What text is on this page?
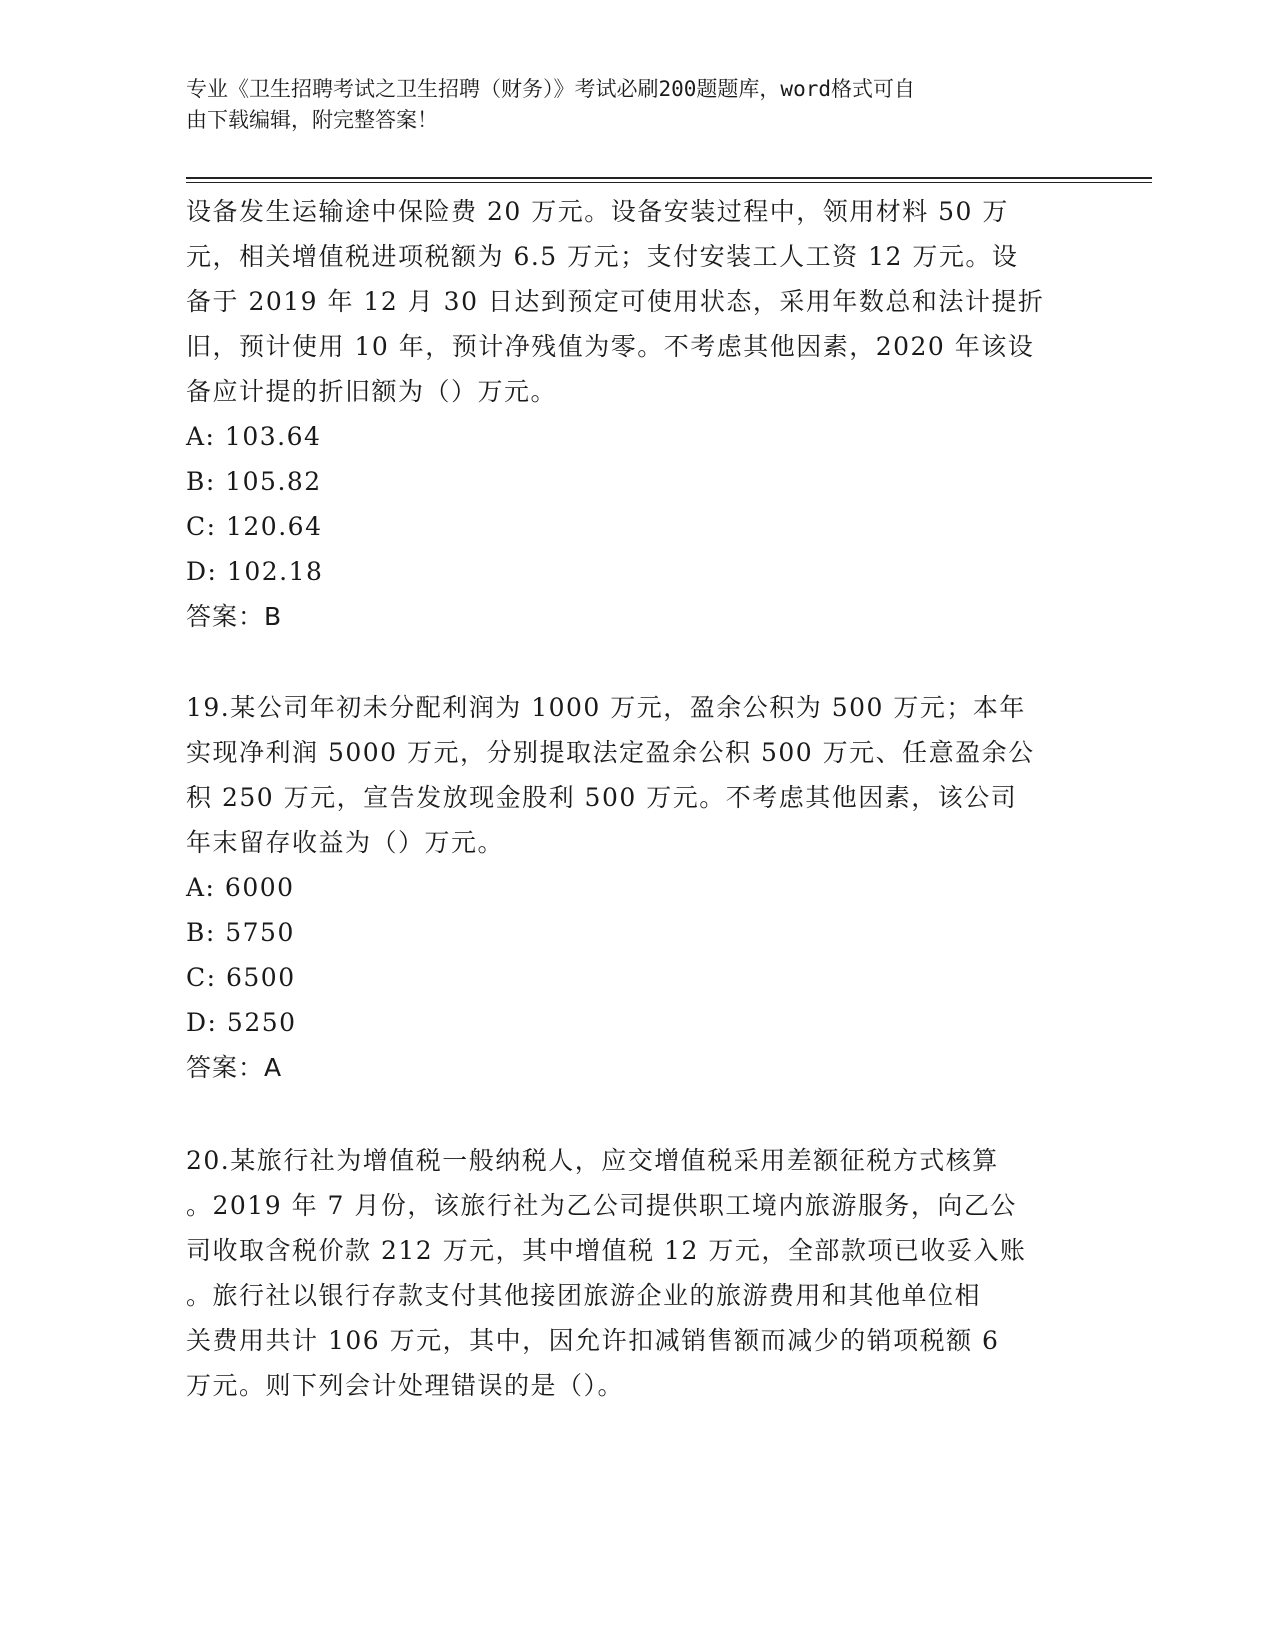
专业《卫生招聘考试之卫生招聘（财务）》考试必刷200题题库，word格式可自
由下载编辑，附完整答案！
设备发生运输途中保险费 20 万元。设备安装过程中，领用材料 50 万
元，相关增值税进项税额为 6.5 万元；支付安装工人工资 12 万元。设
备于 2019 年 12 月 30 日达到预定可使用状态，采用年数总和法计提折
旧，预计使用 10 年，预计净残值为零。不考虑其他因素，2020 年该设
备应计提的折旧额为（）万元。
A: 103.64
B: 105.82
C: 120.64
D: 102.18
答案：B
19.某公司年初未分配利润为 1000 万元，盈余公积为 500 万元；本年
实现净利润 5000 万元，分别提取法定盈余公积 500 万元、任意盈余公
积 250 万元，宣告发放现金股利 500 万元。不考虑其他因素，该公司
年末留存收益为（）万元。
A: 6000
B: 5750
C: 6500
D: 5250
答案：A
20.某旅行社为增值税一般纳税人，应交增值税采用差额征税方式核算
。2019 年 7 月份，该旅行社为乙公司提供职工境内旅游服务，向乙公
司收取含税价款 212 万元，其中增值税 12 万元，全部款项已收妥入账
。旅行社以银行存款支付其他接团旅游企业的旅游费用和其他单位相
关费用共计 106 万元，其中，因允许扣减销售额而减少的销项税额 6
万元。则下列会计处理错误的是（）。
